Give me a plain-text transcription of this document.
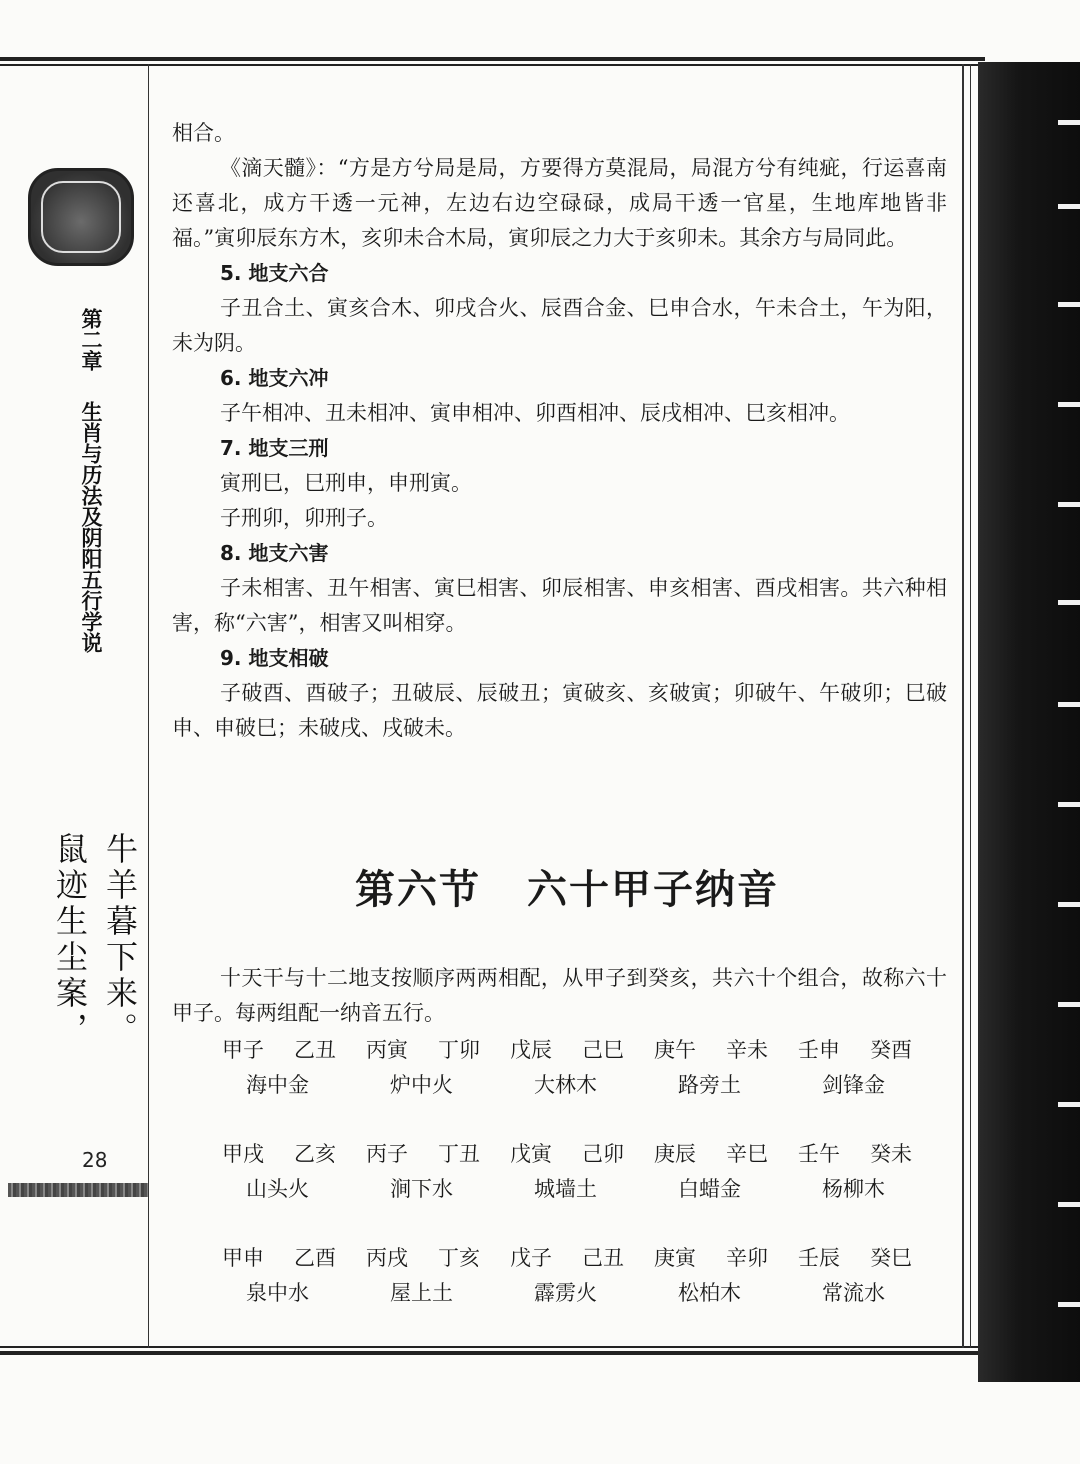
第二章生肖与历法及阴阳五行学说
牛羊暮下来。
鼠迹生尘案，
28

相合。

《滴天髓》：“方是方兮局是局，方要得方莫混局，局混方兮有纯疵，行运喜南还喜北，成方干透一元神，左边右边空碌碌，成局干透一官星，生地库地皆非福。”寅卯辰东方木，亥卯未合木局，寅卯辰之力大于亥卯未。其余方与局同此。

5. 地支六合

子丑合土、寅亥合木、卯戌合火、辰酉合金、巳申合水，午未合土，午为阳，未为阴。

6. 地支六冲

子午相冲、丑未相冲、寅申相冲、卯酉相冲、辰戌相冲、巳亥相冲。

7. 地支三刑

寅刑巳，巳刑申，申刑寅。

子刑卯，卯刑子。

8. 地支六害

子未相害、丑午相害、寅巳相害、卯辰相害、申亥相害、酉戌相害。共六种相害，称“六害”，相害又叫相穿。

9. 地支相破

子破酉、酉破子；丑破辰、辰破丑；寅破亥、亥破寅；卯破午、午破卯；巳破申、申破巳；未破戌、戌破未。

第六节 六十甲子纳音

十天干与十二地支按顺序两两相配，从甲子到癸亥，共六十个组合，故称六十甲子。每两组配一纳音五行。

甲子	乙丑	丙寅	丁卯	戊辰	己巳	庚午	辛未	壬申	癸酉
海中金	炉中火	大林木	路旁土	剑锋金
甲戌	乙亥	丙子	丁丑	戊寅	己卯	庚辰	辛巳	壬午	癸未
山头火	涧下水	城墙土	白蜡金	杨柳木
甲申	乙酉	丙戌	丁亥	戊子	己丑	庚寅	辛卯	壬辰	癸巳
泉中水	屋上土	霹雳火	松柏木	常流水
